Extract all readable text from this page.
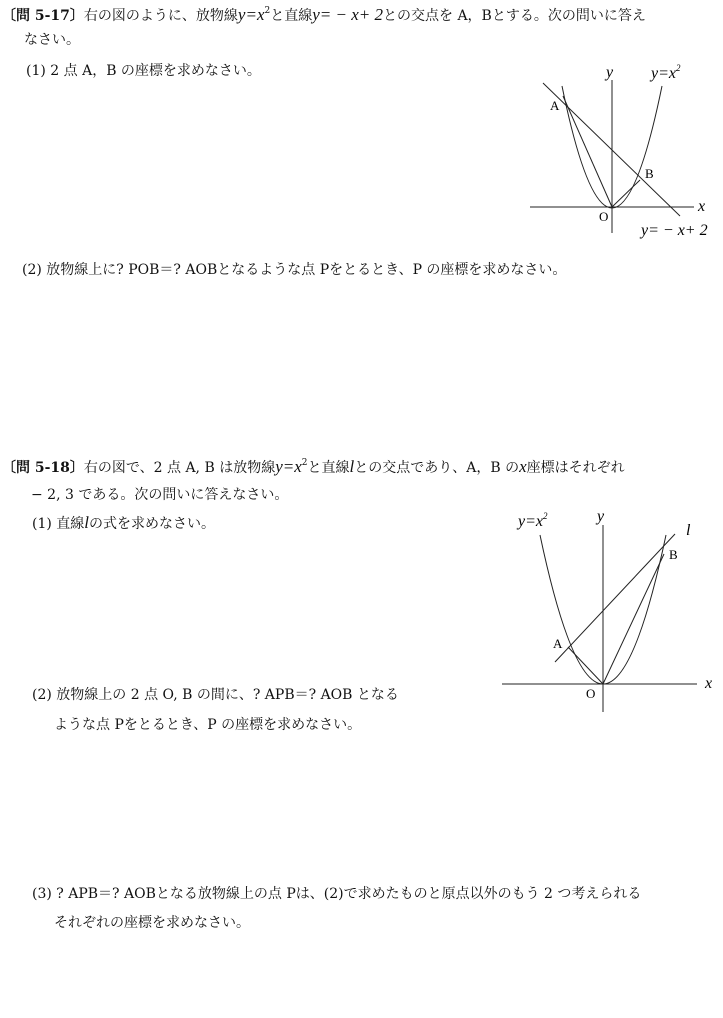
〔問 5-17〕右の図のように、放物線$y=x^2$と直線y= − x+ 2との交点を A，Bとする。次の問いに答え
なさい。
(1) 2 点 A，B の座標を求めなさい。
(2) 放物線上に? POB＝? AOBとなるような点 Pをとるとき、P の座標を求めなさい。
y
x
$y=x^2$
A
B
O
y= − x+ 2
〔問 5-18〕右の図で、2 点 A, B は放物線$y=x^2$と直線lとの交点であり、A，B のx座標はそれぞれ
− 2, 3 である。次の問いに答えなさい。
(1) 直線lの式を求めなさい。
(2) 放物線上の 2 点 O, B の間に、? APB＝? AOB となる
ような点 Pをとるとき、P の座標を求めなさい。
(3) ? APB＝? AOBとなる放物線上の点 Pは、(2)で求めたものと原点以外のもう 2 つ考えられる
それぞれの座標を求めなさい。
y
x
$y=x^2$
l
A
B
O
